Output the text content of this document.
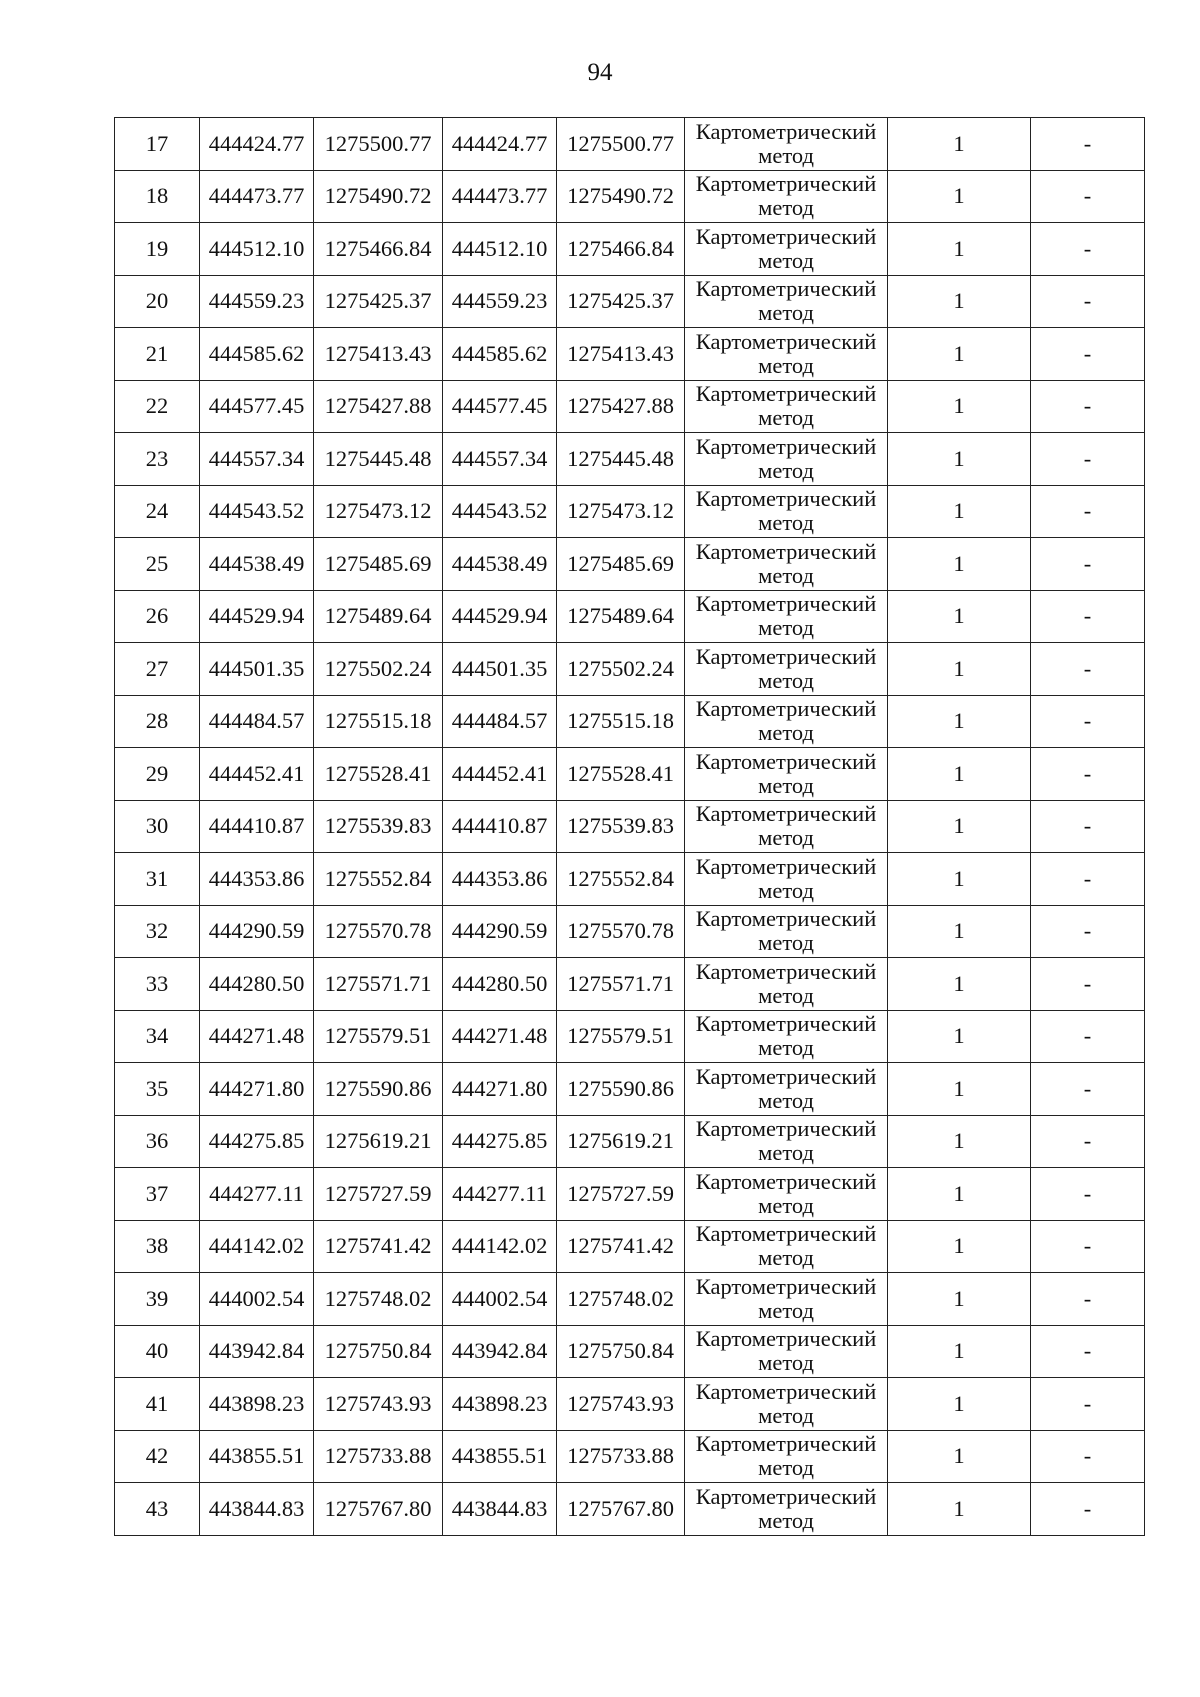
94
17	444424.77	1275500.77	444424.77	1275500.77	Картометрический
метод	1	-
18	444473.77	1275490.72	444473.77	1275490.72	Картометрический
метод	1	-
19	444512.10	1275466.84	444512.10	1275466.84	Картометрический
метод	1	-
20	444559.23	1275425.37	444559.23	1275425.37	Картометрический
метод	1	-
21	444585.62	1275413.43	444585.62	1275413.43	Картометрический
метод	1	-
22	444577.45	1275427.88	444577.45	1275427.88	Картометрический
метод	1	-
23	444557.34	1275445.48	444557.34	1275445.48	Картометрический
метод	1	-
24	444543.52	1275473.12	444543.52	1275473.12	Картометрический
метод	1	-
25	444538.49	1275485.69	444538.49	1275485.69	Картометрический
метод	1	-
26	444529.94	1275489.64	444529.94	1275489.64	Картометрический
метод	1	-
27	444501.35	1275502.24	444501.35	1275502.24	Картометрический
метод	1	-
28	444484.57	1275515.18	444484.57	1275515.18	Картометрический
метод	1	-
29	444452.41	1275528.41	444452.41	1275528.41	Картометрический
метод	1	-
30	444410.87	1275539.83	444410.87	1275539.83	Картометрический
метод	1	-
31	444353.86	1275552.84	444353.86	1275552.84	Картометрический
метод	1	-
32	444290.59	1275570.78	444290.59	1275570.78	Картометрический
метод	1	-
33	444280.50	1275571.71	444280.50	1275571.71	Картометрический
метод	1	-
34	444271.48	1275579.51	444271.48	1275579.51	Картометрический
метод	1	-
35	444271.80	1275590.86	444271.80	1275590.86	Картометрический
метод	1	-
36	444275.85	1275619.21	444275.85	1275619.21	Картометрический
метод	1	-
37	444277.11	1275727.59	444277.11	1275727.59	Картометрический
метод	1	-
38	444142.02	1275741.42	444142.02	1275741.42	Картометрический
метод	1	-
39	444002.54	1275748.02	444002.54	1275748.02	Картометрический
метод	1	-
40	443942.84	1275750.84	443942.84	1275750.84	Картометрический
метод	1	-
41	443898.23	1275743.93	443898.23	1275743.93	Картометрический
метод	1	-
42	443855.51	1275733.88	443855.51	1275733.88	Картометрический
метод	1	-
43	443844.83	1275767.80	443844.83	1275767.80	Картометрический
метод	1	-
